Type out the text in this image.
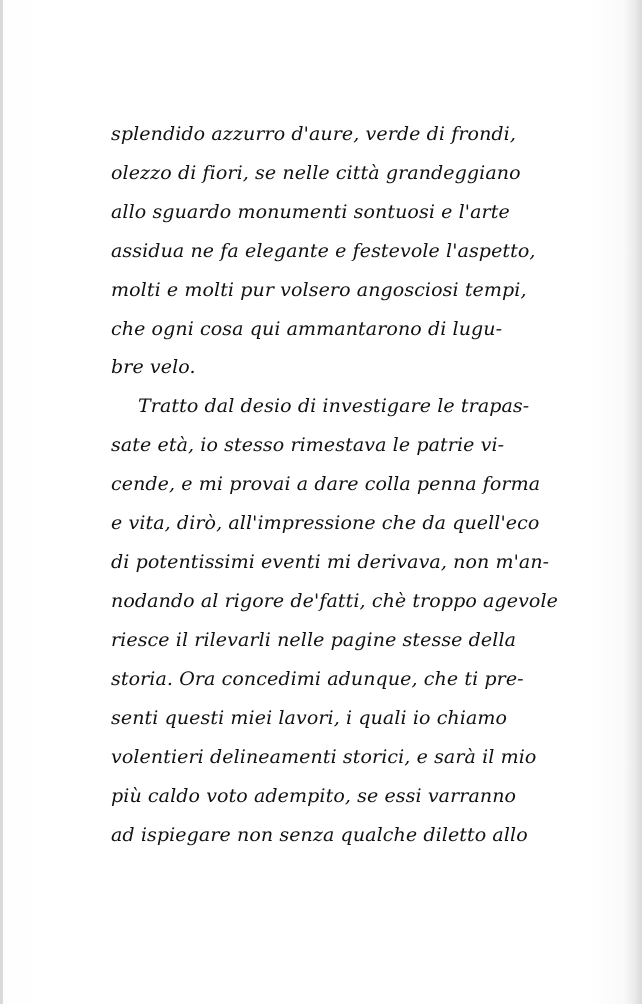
splendido azzurro d'aure, verde di frondi,

olezzo di fiori, se nelle città grandeggiano

allo sguardo monumenti sontuosi e l'arte

assidua ne fa elegante e festevole l'aspetto,

molti e molti pur volsero angosciosi tempi,

che ogni cosa qui ammantarono di lugu-

bre velo.

Tratto dal desio di investigare le trapas-

sate età, io stesso rimestava le patrie vi-

cende, e mi provai a dare colla penna forma

e vita, dirò, all'impressione che da quell'eco

di potentissimi eventi mi derivava, non m'an-

nodando al rigore de'fatti, chè troppo agevole

riesce il rilevarli nelle pagine stesse della

storia. Ora concedimi adunque, che ti pre-

senti questi miei lavori, i quali io chiamo

volentieri delineamenti storici, e sarà il mio

più caldo voto adempito, se essi varranno

ad ispiegare non senza qualche diletto allo
